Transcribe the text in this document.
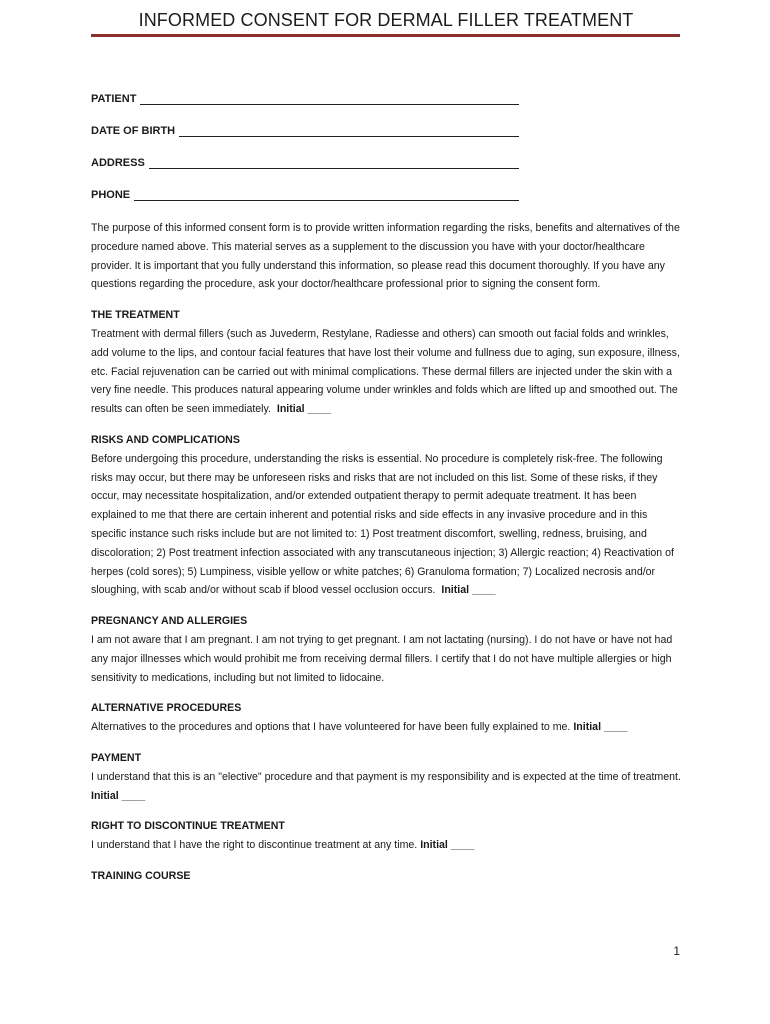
INFORMED CONSENT FOR DERMAL FILLER TREATMENT
PATIENT
DATE OF BIRTH
ADDRESS
PHONE

The purpose of this informed consent form is to provide written information regarding the risks, benefits and alternatives of the procedure named above. This material serves as a supplement to the discussion you have with your doctor/healthcare provider. It is important that you fully understand this information, so please read this document thoroughly. If you have any questions regarding the procedure, ask your doctor/healthcare professional prior to signing the consent form.

THE TREATMENT

Treatment with dermal fillers (such as Juvederm, Restylane, Radiesse and others) can smooth out facial folds and wrinkles, add volume to the lips, and contour facial features that have lost their volume and fullness due to aging, sun exposure, illness, etc. Facial rejuvenation can be carried out with minimal complications. These dermal fillers are injected under the skin with a very fine needle. This produces natural appearing volume under wrinkles and folds which are lifted up and smoothed out. The results can often be seen immediately. Initial ____

RISKS AND COMPLICATIONS

Before undergoing this procedure, understanding the risks is essential. No procedure is completely risk-free. The following risks may occur, but there may be unforeseen risks and risks that are not included on this list. Some of these risks, if they occur, may necessitate hospitalization, and/or extended outpatient therapy to permit adequate treatment. It has been explained to me that there are certain inherent and potential risks and side effects in any invasive procedure and in this specific instance such risks include but are not limited to: 1) Post treatment discomfort, swelling, redness, bruising, and discoloration; 2) Post treatment infection associated with any transcutaneous injection; 3) Allergic reaction; 4) Reactivation of herpes (cold sores); 5) Lumpiness, visible yellow or white patches; 6) Granuloma formation; 7) Localized necrosis and/or sloughing, with scab and/or without scab if blood vessel occlusion occurs. Initial ____

PREGNANCY AND ALLERGIES

I am not aware that I am pregnant. I am not trying to get pregnant. I am not lactating (nursing). I do not have or have not had any major illnesses which would prohibit me from receiving dermal fillers. I certify that I do not have multiple allergies or high sensitivity to medications, including but not limited to lidocaine.

ALTERNATIVE PROCEDURES

Alternatives to the procedures and options that I have volunteered for have been fully explained to me. Initial ____

PAYMENT

I understand that this is an "elective" procedure and that payment is my responsibility and is expected at the time of treatment. Initial ____

RIGHT TO DISCONTINUE TREATMENT

I understand that I have the right to discontinue treatment at any time. Initial ____

TRAINING COURSE
1
